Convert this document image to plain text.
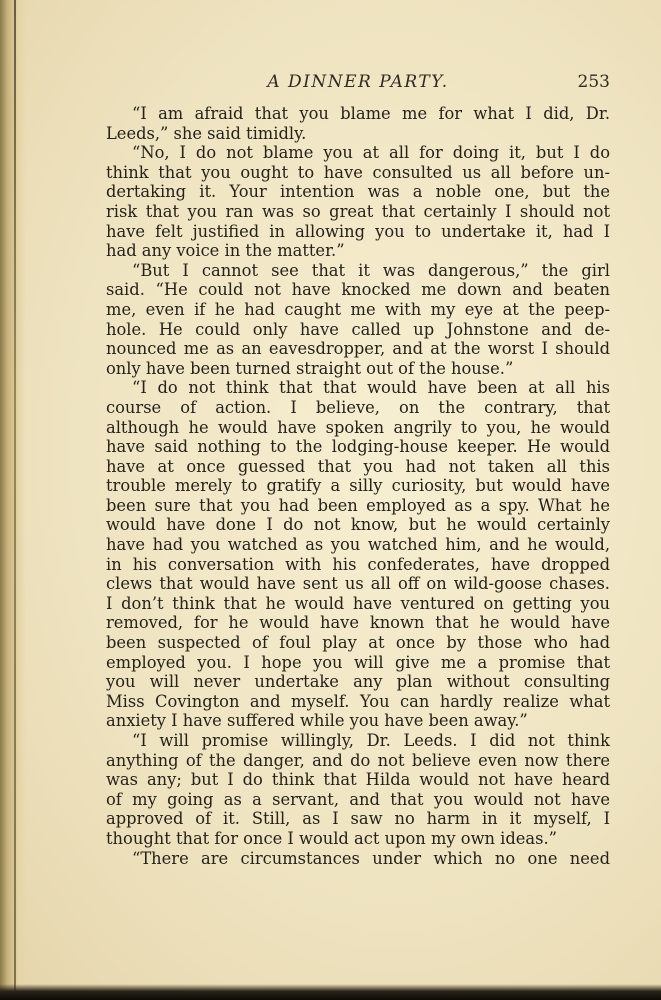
A DINNER PARTY.	253
“I am afraid that you blame me for what I did, Dr.
Leeds,” she said timidly.
“No, I do not blame you at all for doing it, but I do
think that you ought to have consulted us all before un-
dertaking it. Your intention was a noble one, but the
risk that you ran was so great that certainly I should not
have felt justified in allowing you to undertake it, had I
had any voice in the matter.”
“But I cannot see that it was dangerous,” the girl
said. “He could not have knocked me down and beaten
me, even if he had caught me with my eye at the peep-
hole. He could only have called up Johnstone and de-
nounced me as an eavesdropper, and at the worst I should
only have been turned straight out of the house.”
“I do not think that that would have been at all his
course of action. I believe, on the contrary, that
although he would have spoken angrily to you, he would
have said nothing to the lodging-house keeper. He would
have at once guessed that you had not taken all this
trouble merely to gratify a silly curiosity, but would have
been sure that you had been employed as a spy. What he
would have done I do not know, but he would certainly
have had you watched as you watched him, and he would,
in his conversation with his confederates, have dropped
clews that would have sent us all off on wild-goose chases.
I don’t think that he would have ventured on getting you
removed, for he would have known that he would have
been suspected of foul play at once by those who had
employed you. I hope you will give me a promise that
you will never undertake any plan without consulting
Miss Covington and myself. You can hardly realize what
anxiety I have suffered while you have been away.”
“I will promise willingly, Dr. Leeds. I did not think
anything of the danger, and do not believe even now there
was any; but I do think that Hilda would not have heard
of my going as a servant, and that you would not have
approved of it. Still, as I saw no harm in it myself, I
thought that for once I would act upon my own ideas.”
“There are circumstances under which no one need
